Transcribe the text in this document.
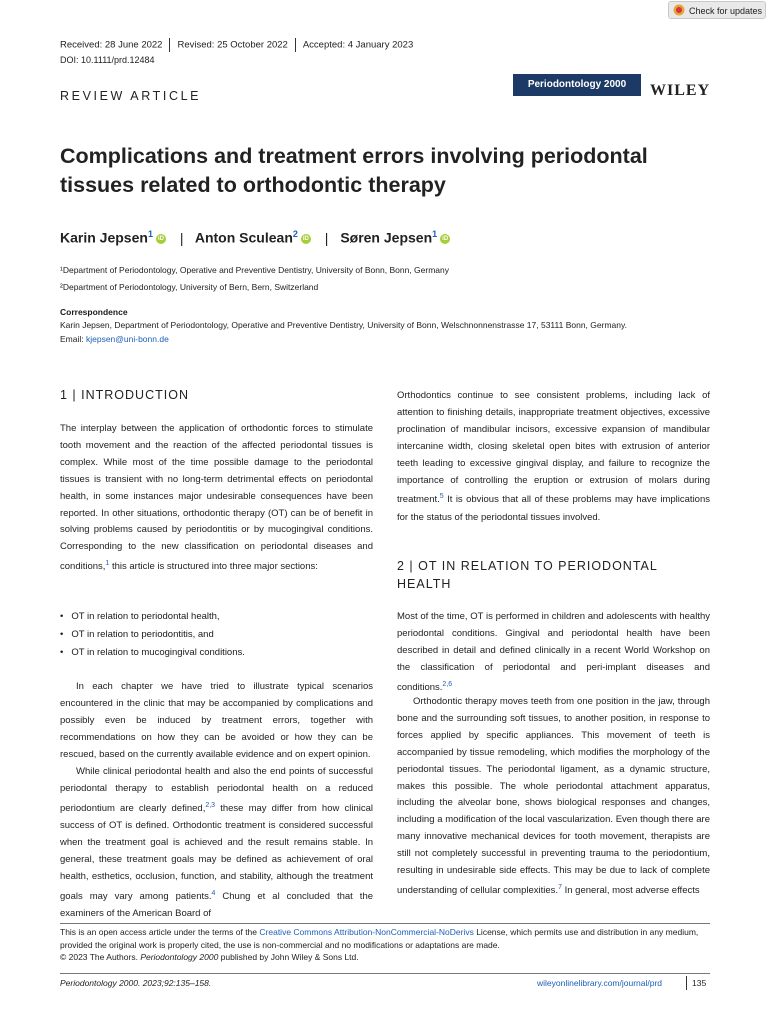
Check for updates
Received: 28 June 2022 Revised: 25 October 2022 Accepted: 4 January 2023
DOI: 10.1111/prd.12484
REVIEW ARTICLE
Periodontology 2000	WILEY
Complications and treatment errors involving periodontal tissues related to orthodontic therapy
Karin Jepsen$^1$ iD | Anton Sculean$^2$ iD | Søren Jepsen$^1$ iD
¹Department of Periodontology, Operative and Preventive Dentistry, University of Bonn, Bonn, Germany
²Department of Periodontology, University of Bern, Bern, Switzerland
Correspondence
Karin Jepsen, Department of Periodontology, Operative and Preventive Dentistry, University of Bonn, Welschnonnenstrasse 17, 53111 Bonn, Germany.
Email: kjepsen@uni-bonn.de
1 | INTRODUCTION

The interplay between the application of orthodontic forces to stimulate tooth movement and the reaction of the affected periodontal tissues is complex. While most of the time possible damage to the periodontal tissues is transient with no long-term detrimental effects on periodontal health, in some instances major undesirable consequences have been reported. In other situations, orthodontic therapy (OT) can be of benefit in solving problems caused by periodontitis or by mucogingival conditions. Corresponding to the new classification on periodontal diseases and conditions,$^1$ this article is structured into three major sections:

• OT in relation to periodontal health,
• OT in relation to periodontitis, and
• OT in relation to mucogingival conditions.

In each chapter we have tried to illustrate typical scenarios encountered in the clinic that may be accompanied by complications and possibly even be induced by treatment errors, together with recommendations on how they can be avoided or how they can be rescued, based on the currently available evidence and on expert opinion.

While clinical periodontal health and also the end points of successful periodontal therapy to establish periodontal health on a reduced periodontium are clearly defined,$^{2,3}$ these may differ from how clinical success of OT is defined. Orthodontic treatment is considered successful when the treatment goal is achieved and the result remains stable. In general, these treatment goals may be defined as achievement of oral health, esthetics, occlusion, function, and stability, although the treatment goals may vary among patients.$^4$ Chung et al concluded that the examiners of the American Board of

Orthodontics continue to see consistent problems, including lack of attention to finishing details, inappropriate treatment objectives, excessive proclination of mandibular incisors, excessive expansion of mandibular intercanine width, closing skeletal open bites with extrusion of anterior teeth leading to excessive gingival display, and failure to recognize the importance of controlling the eruption or extrusion of molars during treatment.$^5$ It is obvious that all of these problems may have implications for the status of the periodontal tissues involved.

2 | OT IN RELATION TO PERIODONTAL HEALTH

Most of the time, OT is performed in children and adolescents with healthy periodontal conditions. Gingival and periodontal health have been described in detail and defined clinically in a recent World Workshop on the classification of periodontal and peri-implant diseases and conditions.$^{2,6}$

Orthodontic therapy moves teeth from one position in the jaw, through bone and the surrounding soft tissues, to another position, in response to forces applied by specific appliances. This movement of teeth is accompanied by tissue remodeling, which modifies the morphology of the periodontal tissues. The periodontal ligament, as a dynamic structure, makes this possible. The whole periodontal attachment apparatus, including the alveolar bone, shows biological responses and changes, including a modification of the local vascularization. Even though there are many innovative mechanical devices for tooth movement, therapists are still not completely successful in preventing trauma to the periodontium, resulting in undesirable side effects. This may be due to lack of complete understanding of cellular complexities.$^7$ In general, most adverse effects

This is an open access article under the terms of the Creative Commons Attribution-NonCommercial-NoDerivs License, which permits use and distribution in any medium, provided the original work is properly cited, the use is non-commercial and no modifications or adaptations are made.
© 2023 The Authors. Periodontology 2000 published by John Wiley & Sons Ltd.
Periodontology 2000. 2023;92:135–158.	wileyonlinelibrary.com/journal/prd	135
